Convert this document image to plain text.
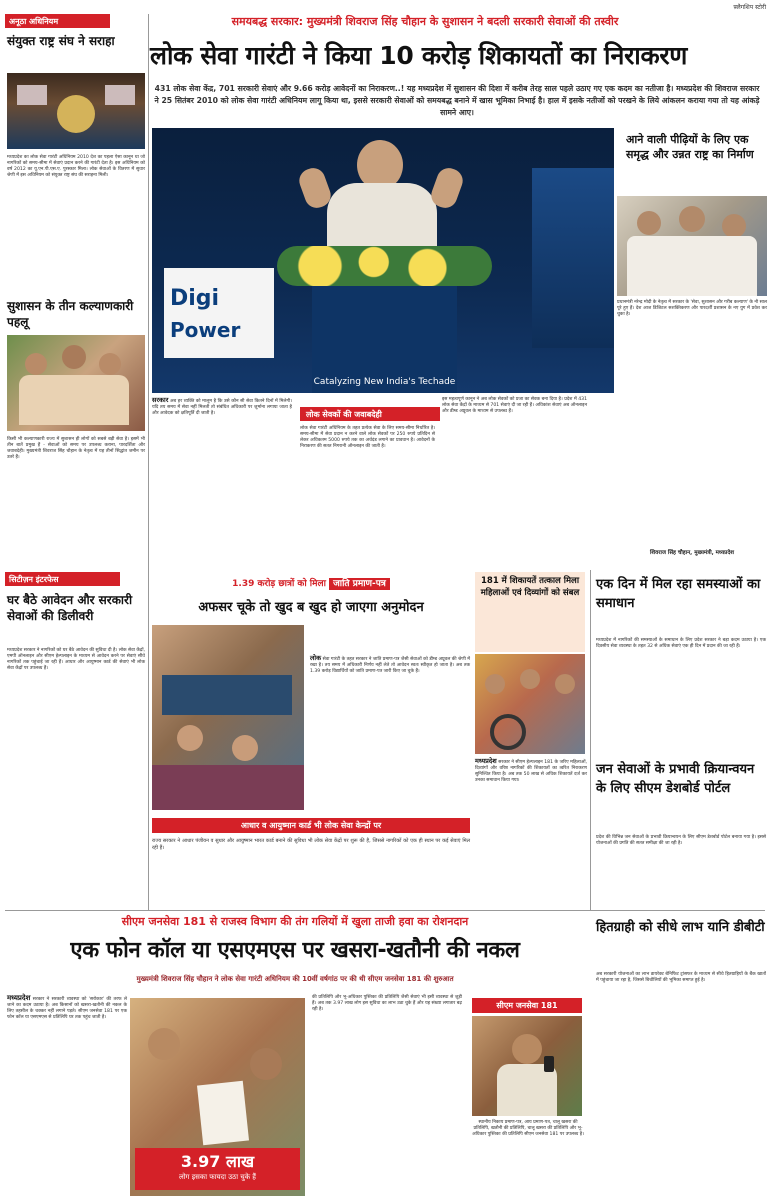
फ़्लैगशिप स्टोरी
समयबद्ध सरकार: मुख्यमंत्री शिवराज सिंह चौहान के सुशासन ने बदली सरकारी सेवाओं की तस्वीर
लोक सेवा गारंटी ने किया 10 करोड़ शिकायतों का निराकरण
431 लोक सेवा केंद्र, 701 सरकारी सेवाएं और 9.66 करोड़ आवेदनों का निराकरण..! यह मध्यप्रदेश में सुशासन की दिशा में करीब तेरह साल पहले उठाए गए एक कदम का नतीजा है। मध्यप्रदेश की शिवराज सरकार ने 25 सितंबर 2010 को लोक सेवा गारंटी अधिनियम लागू किया था, इससे सरकारी सेवाओं को समयबद्ध बनाने में खास भूमिका निभाई है। हाल में इसके नतीजों को परखने के लिये आंकलन कराया गया तो यह आंकड़े सामने आए।
Digi
Power
Catalyzing New India's Techade
अनूठा अधिनियम
संयुक्त राष्ट्र संघ ने सराहा
मध्यप्रदेश का लोक सेवा गारंटी अधिनियम 2010 देश का पहला ऐसा कानून था जो नागरिकों को समय-सीमा में सेवाएं प्रदान करने की गारंटी देता है। इस अधिनियम को वर्ष 2012 का यू.एन.पी.एस.ए. पुरस्कार मिला। लोक सेवाओं के वितरण में सुधार श्रेणी में इस अधिनियम को संयुक्त राष्ट्र संघ की सराहना मिली।
सुशासन के तीन कल्याणकारी पहलू
किसी भी कल्याणकारी राज्य में सुशासन ही लोगों को सबसे बड़ी सेवा है। इसमें भी तीन बातें प्रमुख हैं - सेवाओं को समय पर उपलब्ध कराना, पारदर्शिता और जवाबदेही। मुख्यमंत्री शिवराज सिंह चौहान के नेतृत्व में यह तीनों सिद्धांत जमीन पर उतरे हैं।
सिटीज़न इंटरफेस
घर बैठे आवेदन और सरकारी सेवाओं की डिलीवरी
मध्यप्रदेश सरकार ने नागरिकों को घर बैठे आवेदन की सुविधा दी है। लोक सेवा केंद्रों, एमपी ऑनलाइन और सीएम हेल्पलाइन के माध्यम से आवेदन करने पर सेवाएं सीधे नागरिकों तक पहुंचाई जा रही हैं। आधार और आयुष्मान कार्ड की सेवाएं भी लोक सेवा केंद्रों पर उपलब्ध हैं।
सरकार अब हर व्यक्ति को मालूम है कि उसे कौन सी सेवा कितने दिनों में मिलेगी। यदि तय समय में सेवा नहीं मिलती तो संबंधित अधिकारी पर जुर्माना लगाया जाता है और आवेदक को क्षतिपूर्ति दी जाती है।	लोक सेवकों की जवाबदेही
लोक सेवा गारंटी अधिनियम के तहत प्रत्येक सेवा के लिए समय-सीमा निर्धारित है। समय-सीमा में सेवा प्रदान न करने वाले लोक सेवकों पर 250 रुपये प्रतिदिन से लेकर अधिकतम 5000 रुपये तक का अर्थदंड लगाने का प्रावधान है। आवेदनों के निराकरण की सतत निगरानी ऑनलाइन की जाती है।
इस महत्वपूर्ण कानून ने अब लोक सेवकों को प्रजा का सेवक बना दिया है। प्रदेश में 431 लोक सेवा केंद्रों के माध्यम से 701 सेवाएं दी जा रही हैं। अधिकांश सेवाएं अब ऑनलाइन और डीम्ड अप्रूवल के माध्यम से उपलब्ध हैं।
आने वाली पीढ़ियों के लिए एक समृद्ध और उन्नत राष्ट्र का निर्माण
प्रधानमंत्री नरेन्द्र मोदी के नेतृत्व में सरकार के 'सेवा, सुशासन और गरीब कल्याण' के नौ साल पूरे हुए हैं। देश आज डिजिटल सशक्तिकरण और पारदर्शी प्रशासन के नए युग में प्रवेश कर चुका है।
शिवराज सिंह चौहान, मुख्यमंत्री, मध्यप्रदेश
1.39 करोड़ छात्रों को मिला जाति प्रमाण-पत्र
अफसर चूके तो खुद ब खुद हो जाएगा अनुमोदन
लोक सेवा गारंटी के तहत सरकार ने जाति प्रमाण-पत्र जैसी सेवाओं को डीम्ड अप्रूवल की श्रेणी में रखा है। तय समय में अधिकारी निर्णय नहीं लेते तो आवेदन स्वतः स्वीकृत हो जाता है। अब तक 1.39 करोड़ विद्यार्थियों को जाति प्रमाण-पत्र जारी किए जा चुके हैं।
181 में शिकायतें तत्काल मिला महिलाओं एवं दिव्यांगों को संबल
मध्यप्रदेश सरकार ने सीएम हेल्पलाइन 181 के जरिए महिलाओं, दिव्यांगों और वरिष्ठ नागरिकों की शिकायतों का त्वरित निराकरण सुनिश्चित किया है। अब तक 50 लाख से अधिक शिकायतें दर्ज कर उनका समाधान किया गया।
आधार व आयुष्मान कार्ड भी लोक सेवा केन्द्रों पर
राज्य सरकार ने आधार पंजीयन व सुधार और आयुष्मान भारत कार्ड बनाने की सुविधा भी लोक सेवा केंद्रों पर शुरू की है, जिससे नागरिकों को एक ही स्थान पर कई सेवाएं मिल रही हैं।
एक दिन में मिल रहा समस्याओं का समाधान
मध्यप्रदेश में नागरिकों की समस्याओं के समाधान के लिए प्रदेश सरकार ने बड़ा कदम उठाया है। एक दिवसीय सेवा व्यवस्था के तहत 32 से अधिक सेवाएं एक ही दिन में प्रदान की जा रही हैं।
जन सेवाओं के प्रभावी क्रियान्वयन के लिए सीएम डेशबोर्ड पोर्टल
प्रदेश की विभिन्न जन सेवाओं के प्रभावी क्रियान्वयन के लिए सीएम डेशबोर्ड पोर्टल बनाया गया है। इससे योजनाओं की प्रगति की सतत समीक्षा की जा रही है।
सीएम जनसेवा 181 से राजस्व विभाग की तंग गलियों में खुला ताजी हवा का रोशनदान
एक फोन कॉल या एसएमएस पर खसरा-खतौनी की नकल
मुख्यमंत्री शिवराज सिंह चौहान ने लोक सेवा गारंटी अधिनियम की 10वीं वर्षगांठ पर की थी सीएम जनसेवा 181 की शुरुआत
मध्यप्रदेश सरकार ने सरकारी व्यवस्था को 'सरोकार' की तरफ ले जाने का कदम उठाया है। अब किसानों को खसरा-खतौनी की नकल के लिए तहसील के चक्कर नहीं लगाने पड़ते। सीएम जनसेवा 181 पर एक फोन कॉल या एसएमएस से प्रतिलिपि घर तक पहुंच जाती है।
3.97 लाख
लोग इसका फायदा उठा चुके हैं
की प्रतिलिपि और भू-अधिकार पुस्तिका की प्रतिलिपि जैसी सेवाएं भी इसी व्यवस्था से जुड़ी हैं। अब तक 3.97 लाख लोग इस सुविधा का लाभ उठा चुके हैं और यह संख्या लगातार बढ़ रही है।	सीएम जनसेवा 181
स्थानीय निकाय प्रमाण-पत्र, आय प्रमाण-पत्र, चालू खसरा की प्रतिलिपि, खतौनी की प्रतिलिपि, चालू खसरा की प्रतिलिपि और भू-अधिकार पुस्तिका की प्रतिलिपि सीएम जनसेवा 181 पर उपलब्ध है।
हितग्राही को सीधे लाभ यानि डीबीटी
अब सरकारी योजनाओं का लाभ डायरेक्ट बेनिफिट ट्रांसफर के माध्यम से सीधे हितग्राहियों के बैंक खातों में पहुंचाया जा रहा है, जिससे बिचौलियों की भूमिका समाप्त हुई है।
